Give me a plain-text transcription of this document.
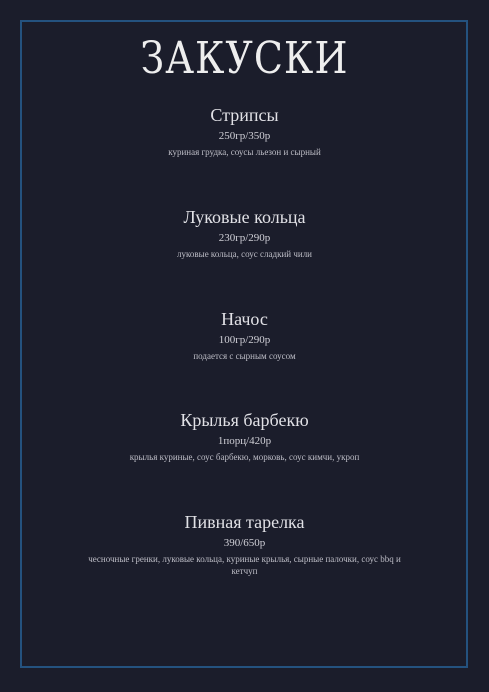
ЗАКУСКИ
Стрипсы
250гр/350р
куриная грудка, соусы льезон и сырный
Луковые кольца
230гр/290р
луковые кольца, соус сладкий чили
Начос
100гр/290р
подается с сырным соусом
Крылья барбекю
1порц/420р
крылья куриные, соус барбекю, морковь, соус кимчи, укроп
Пивная тарелка
390/650р
чесночные гренки, луковые кольца, куриные крылья, сырные палочки, соус bbq и кетчуп
